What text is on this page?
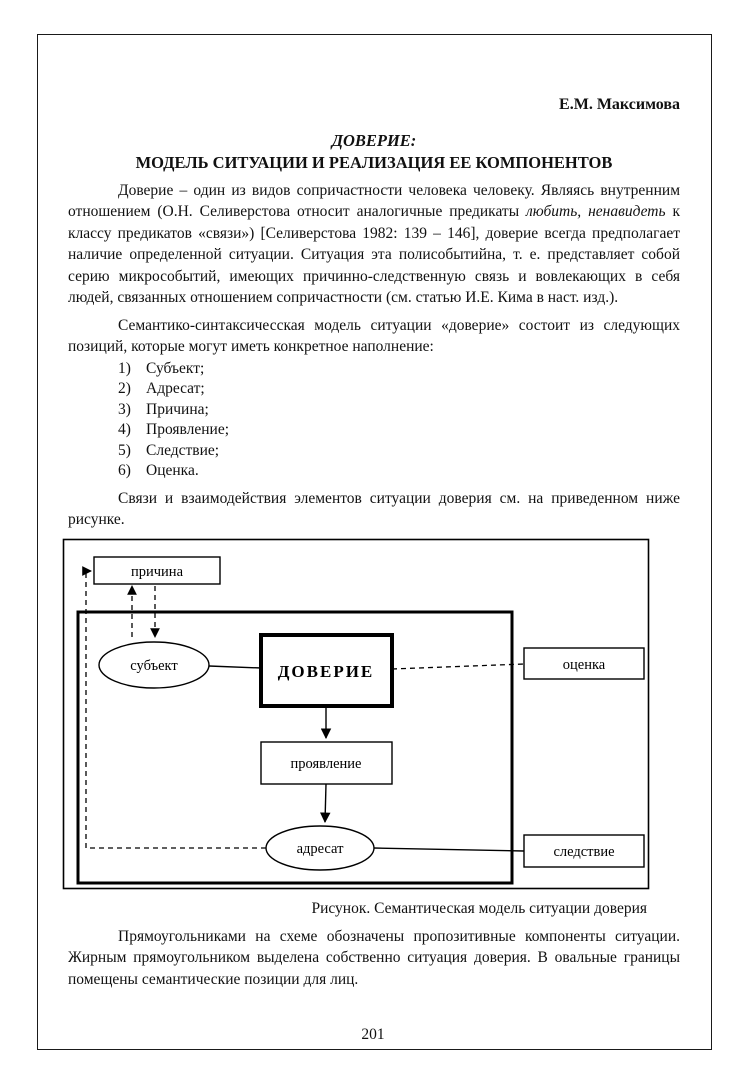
Е.М. Максимова
ДОВЕРИЕ:
МОДЕЛЬ СИТУАЦИИ И РЕАЛИЗАЦИЯ ЕЕ КОМПОНЕНТОВ

Доверие – один из видов сопричастности человека человеку. Являясь внутренним отношением (О.Н. Селиверстова относит аналогичные предикаты любить, ненавидеть к классу предикатов «связи») [Селиверстова 1982: 139 – 146], доверие всегда предполагает наличие определенной ситуации. Ситуация эта полисобытийна, т. е. представляет собой серию микрособытий, имеющих причинно-следственную связь и вовлекающих в себя людей, связанных отношением сопричастности (см. статью И.Е. Кима в наст. изд.).

Семантико-синтаксичесская модель ситуации «доверие» состоит из следующих позиций, которые могут иметь конкретное наполнение:

1) Субъект;
2) Адресат;
3) Причина;
4) Проявление;
5) Следствие;
6) Оценка.

Связи и взаимодействия элементов ситуации доверия см. на приведенном ниже рисунке.

причина
субъект	ДОВЕРИЕ	оценка
проявление
адресат	следствие
Рисунок. Семантическая модель ситуации доверия

Прямоугольниками на схеме обозначены пропозитивные компоненты ситуации. Жирным прямоугольником выделена собственно ситуация доверия. В овальные границы помещены семантические позиции для лиц.

201
